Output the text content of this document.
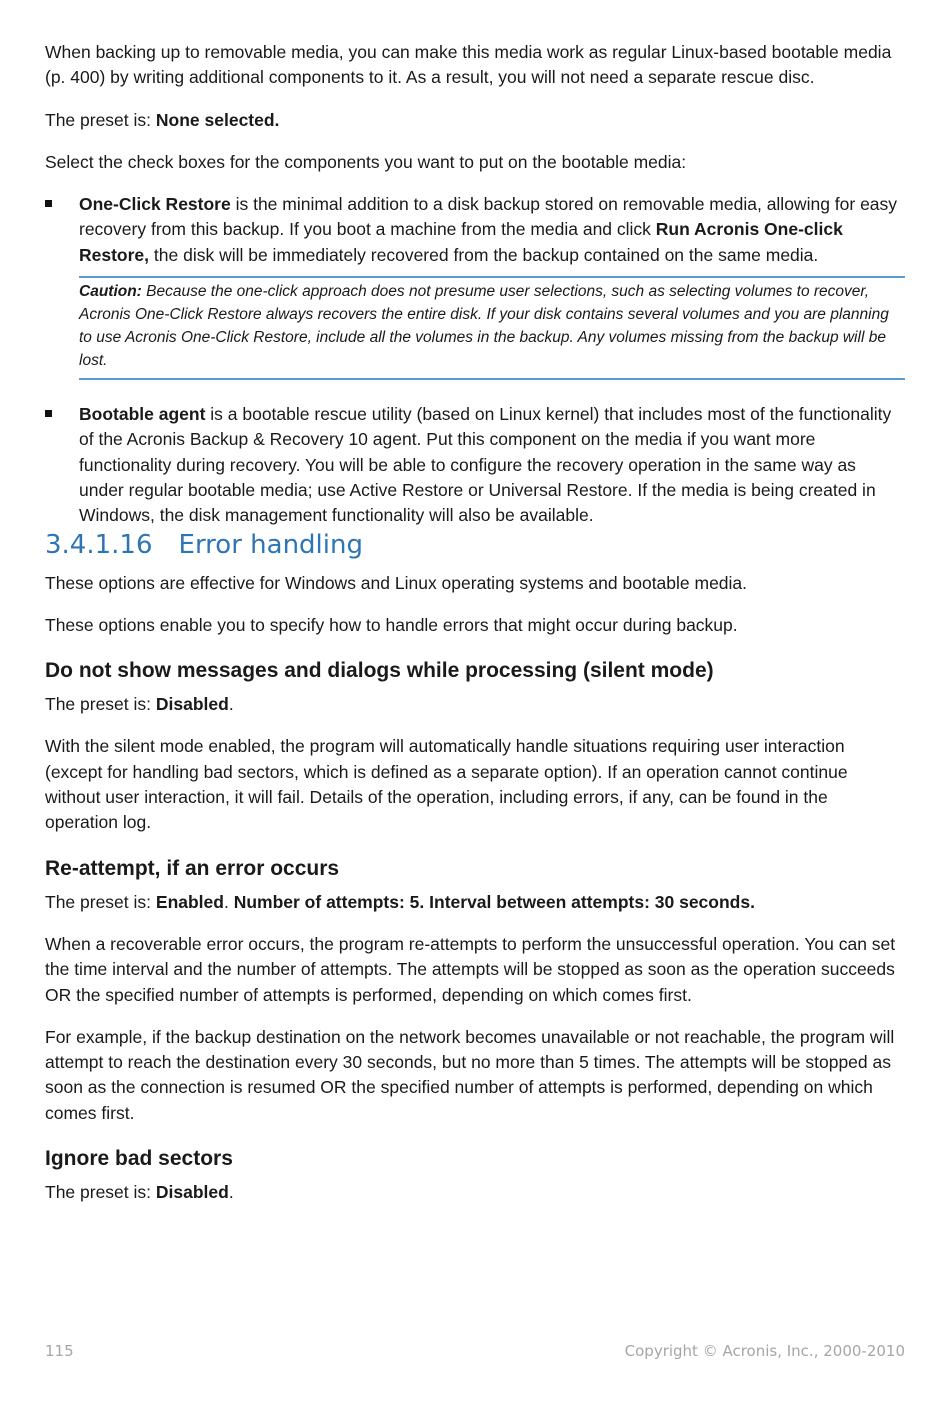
When backing up to removable media, you can make this media work as regular Linux-based bootable media (p. 400) by writing additional components to it. As a result, you will not need a separate rescue disc.

The preset is: None selected.

Select the check boxes for the components you want to put on the bootable media:

One-Click Restore is the minimal addition to a disk backup stored on removable media, allowing for easy recovery from this backup. If you boot a machine from the media and click Run Acronis One-click Restore, the disk will be immediately recovered from the backup contained on the same media.
Caution: Because the one-click approach does not presume user selections, such as selecting volumes to recover, Acronis One-Click Restore always recovers the entire disk. If your disk contains several volumes and you are planning to use Acronis One-Click Restore, include all the volumes in the backup. Any volumes missing from the backup will be lost.
Bootable agent is a bootable rescue utility (based on Linux kernel) that includes most of the functionality of the Acronis Backup & Recovery 10 agent. Put this component on the media if you want more functionality during recovery. You will be able to configure the recovery operation in the same way as under regular bootable media; use Active Restore or Universal Restore. If the media is being created in Windows, the disk management functionality will also be available.
3.4.1.16 Error handling

These options are effective for Windows and Linux operating systems and bootable media.

These options enable you to specify how to handle errors that might occur during backup.

Do not show messages and dialogs while processing (silent mode)

The preset is: Disabled.

With the silent mode enabled, the program will automatically handle situations requiring user interaction (except for handling bad sectors, which is defined as a separate option). If an operation cannot continue without user interaction, it will fail. Details of the operation, including errors, if any, can be found in the operation log.

Re-attempt, if an error occurs

The preset is: Enabled. Number of attempts: 5. Interval between attempts: 30 seconds.

When a recoverable error occurs, the program re-attempts to perform the unsuccessful operation. You can set the time interval and the number of attempts. The attempts will be stopped as soon as the operation succeeds OR the specified number of attempts is performed, depending on which comes first.

For example, if the backup destination on the network becomes unavailable or not reachable, the program will attempt to reach the destination every 30 seconds, but no more than 5 times. The attempts will be stopped as soon as the connection is resumed OR the specified number of attempts is performed, depending on which comes first.

Ignore bad sectors

The preset is: Disabled.

115	Copyright © Acronis, Inc., 2000-2010
